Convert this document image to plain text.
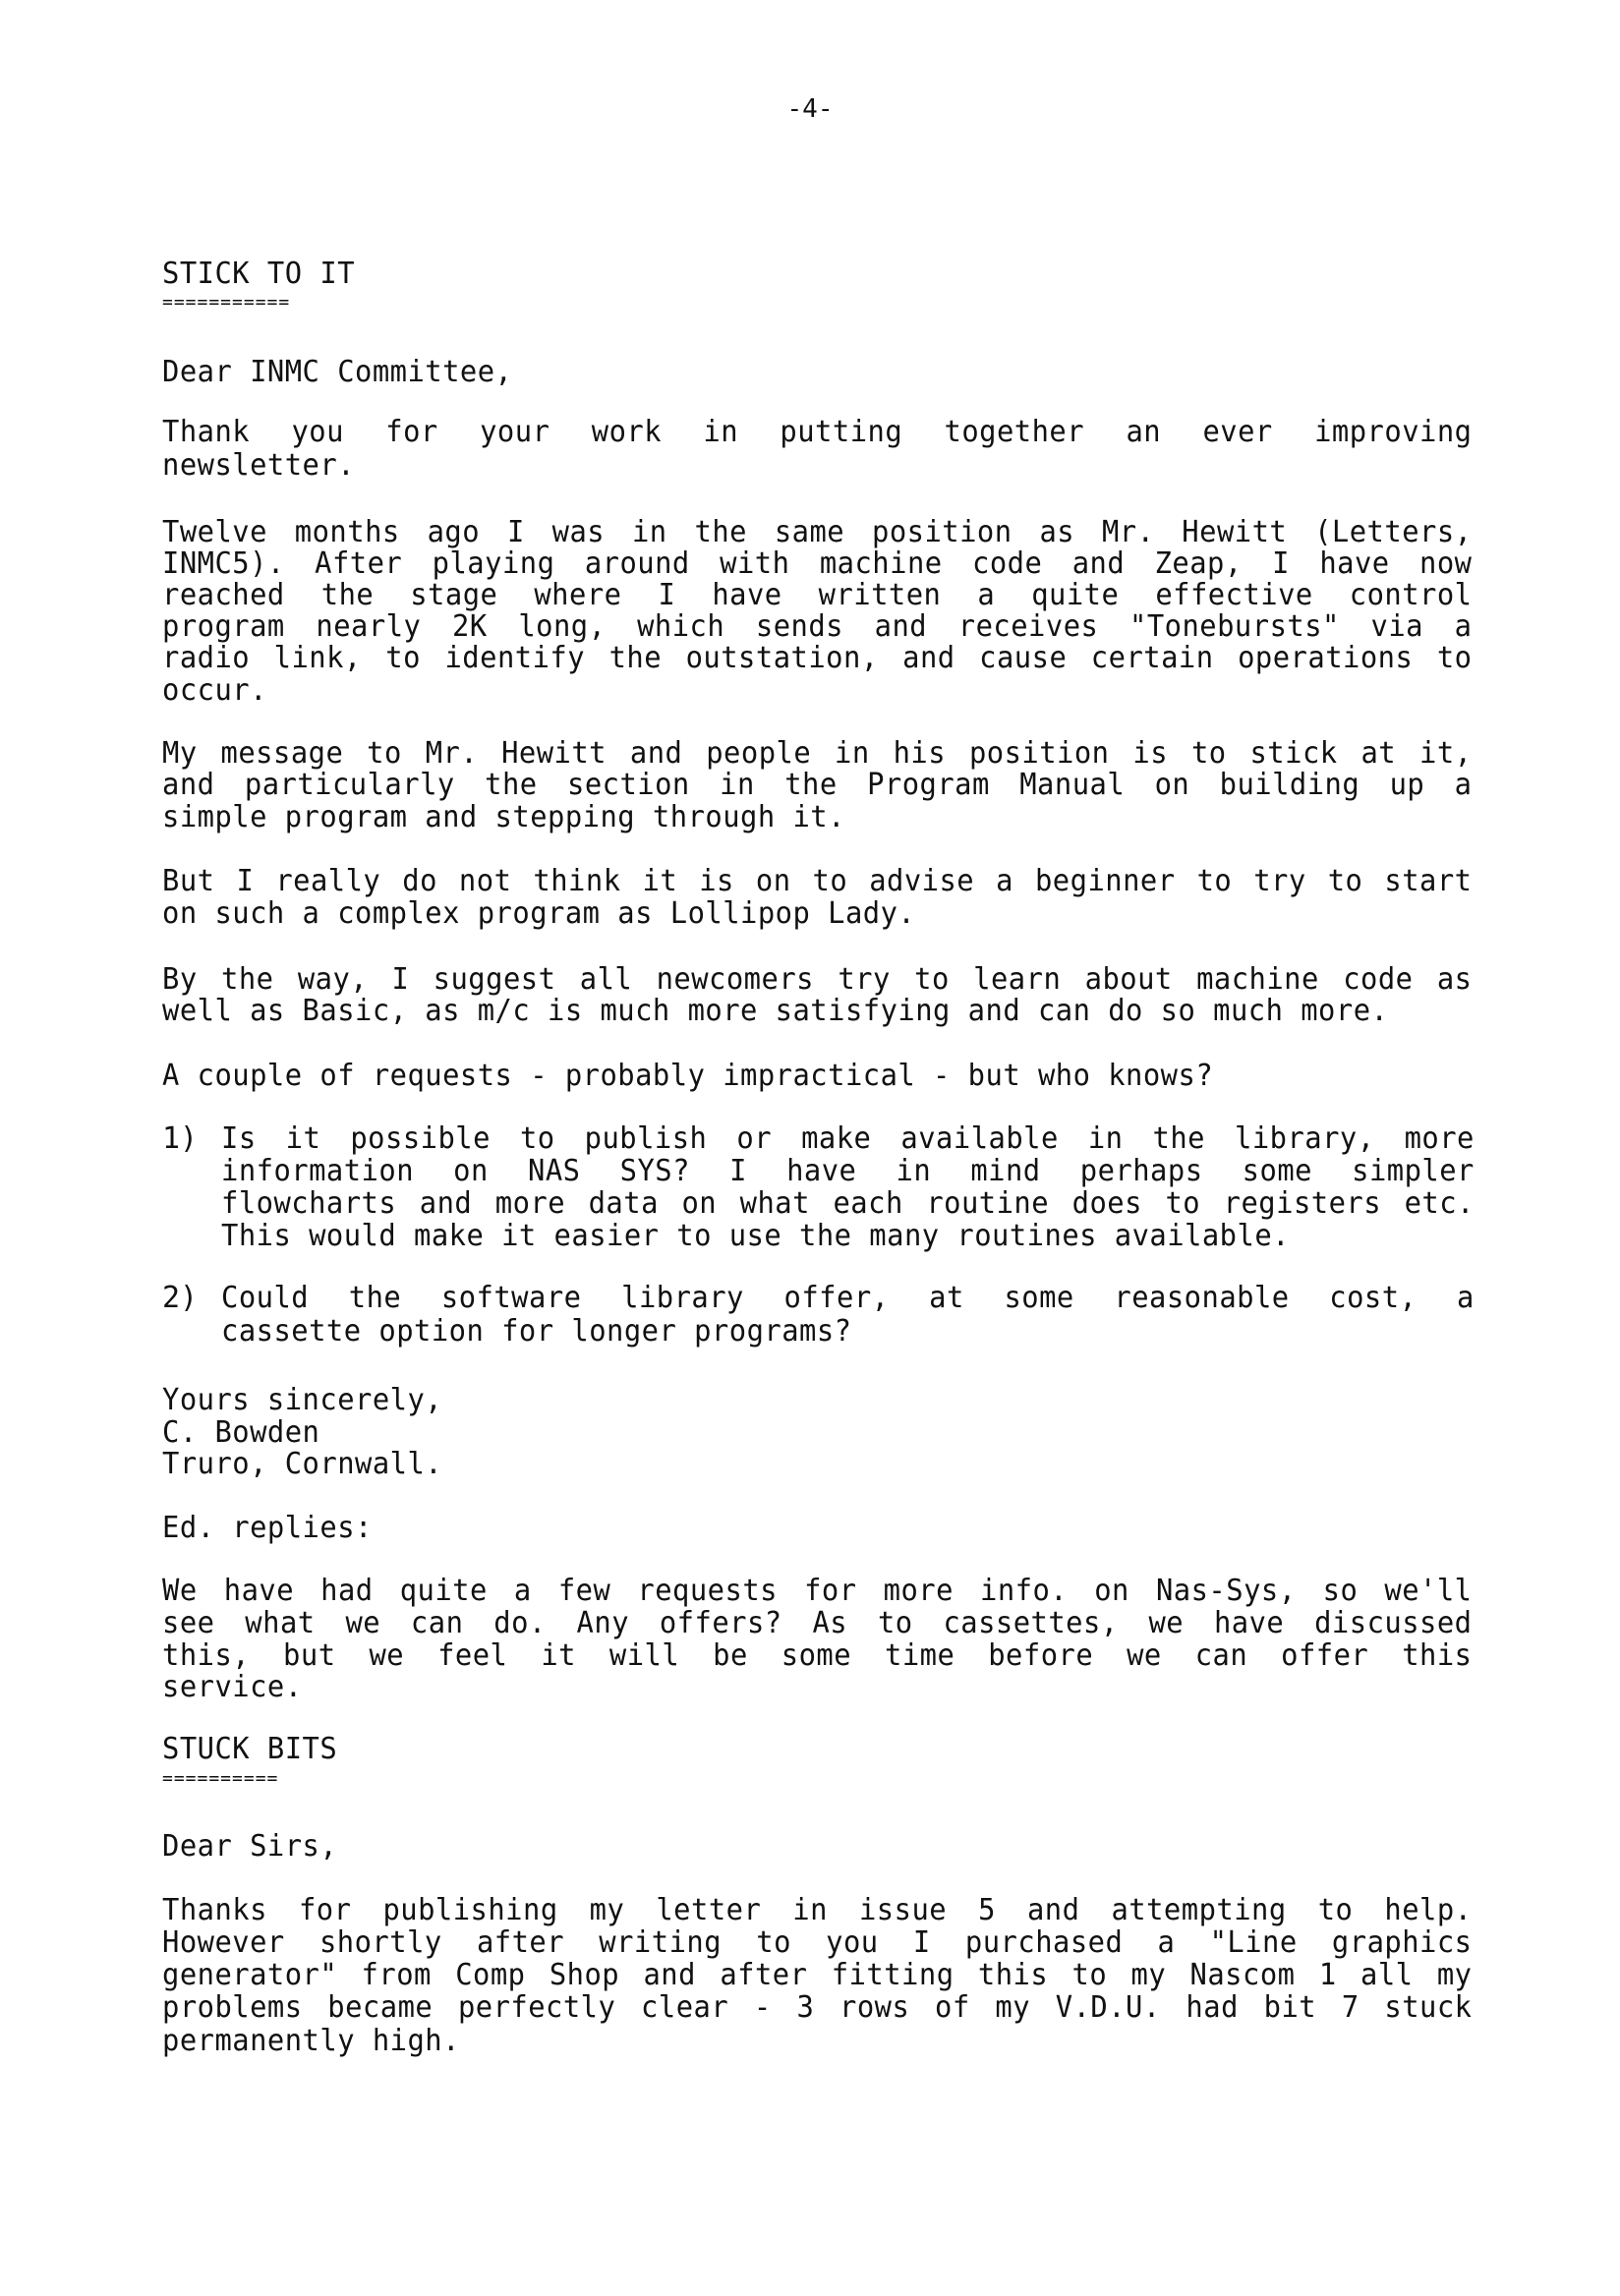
-4-
STICK TO IT
===========
Dear INMC Committee,
Thank you for your work in putting together an ever improving
newsletter.
Twelve months ago I was in the same position as Mr. Hewitt (Letters,
INMC5). After playing around with machine code and Zeap, I have now
reached the stage where I have written a quite effective control
program nearly 2K long, which sends and receives "Tonebursts" via a
radio link, to identify the outstation, and cause certain operations to
occur.
My message to Mr. Hewitt and people in his position is to stick at it,
and particularly the section in the Program Manual on building up a
simple program and stepping through it.
But I really do not think it is on to advise a beginner to try to start
on such a complex program as Lollipop Lady.
By the way, I suggest all newcomers try to learn about machine code as
well as Basic, as m/c is much more satisfying and can do so much more.
A couple of requests - probably impractical - but who knows?
1) Is it possible to publish or make available in the library, more
information on NAS SYS? I have in mind perhaps some simpler
flowcharts and more data on what each routine does to registers etc.
This would make it easier to use the many routines available.
2) Could the software library offer, at some reasonable cost, a
cassette option for longer programs?
Yours sincerely,
C. Bowden
Truro, Cornwall.
Ed. replies:
We have had quite a few requests for more info. on Nas-Sys, so we'll
see what we can do. Any offers? As to cassettes, we have discussed
this, but we feel it will be some time before we can offer this
service.
STUCK BITS
==========
Dear Sirs,
Thanks for publishing my letter in issue 5 and attempting to help.
However shortly after writing to you I purchased a "Line graphics
generator" from Comp Shop and after fitting this to my Nascom 1 all my
problems became perfectly clear - 3 rows of my V.D.U. had bit 7 stuck
permanently high.
